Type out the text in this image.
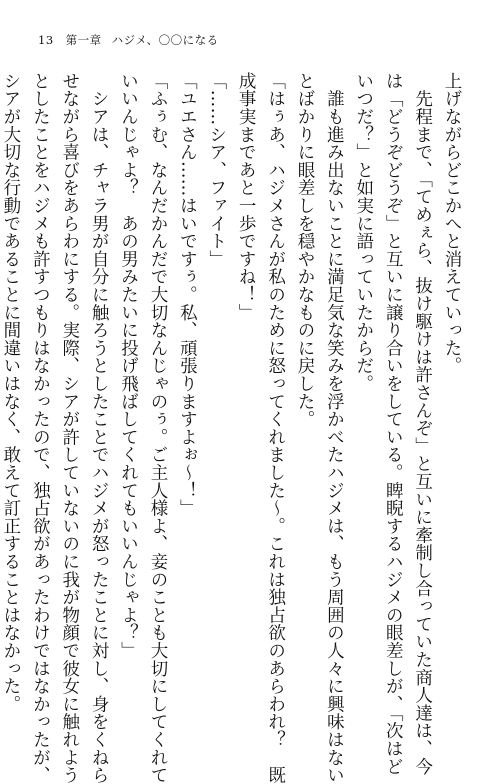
13 第一章 ハジメ、〇〇になる
上げながらどこかへと消えていった。
　先程まで、「てめぇら、抜け駆けは許さんぞ」と互いに牽制し合っていた商人達は、今
は「どうぞどうぞ」と互いに譲り合いをしている。睥睨するハジメの眼差しが、「次はど
いつだ？」と如実に語っていたからだ。
　誰も進み出ないことに満足気な笑みを浮かべたハジメは、もう周囲の人々に興味はない
とばかりに眼差しを穏やかなものに戻した。
「はぅあ、ハジメさんが私のために怒ってくれました～。これは独占欲のあらわれ？　既
成事実まであと一歩ですね！」
「……シア、ファイト」
「ユエさん……はいですぅ。私、頑張りますよぉ～！」
「ふぅむ、なんだかんだで大切なんじゃのぅ。ご主人様よ、妾のことも大切にしてくれて
いいんじゃよ？　あの男みたいに投げ飛ばしてくれてもいいんじゃよ？」
　シアは、チャラ男が自分に触ろうとしたことでハジメが怒ったことに対し、身をくねら
せながら喜びをあらわにする。実際、シアが許していないのに我が物顔で彼女に触れよう
としたことをハジメも許すつもりはなかったので、独占欲があったわけではなかったが、
シアが大切な行動であることに間違いはなく、敢えて訂正することはなかった。
